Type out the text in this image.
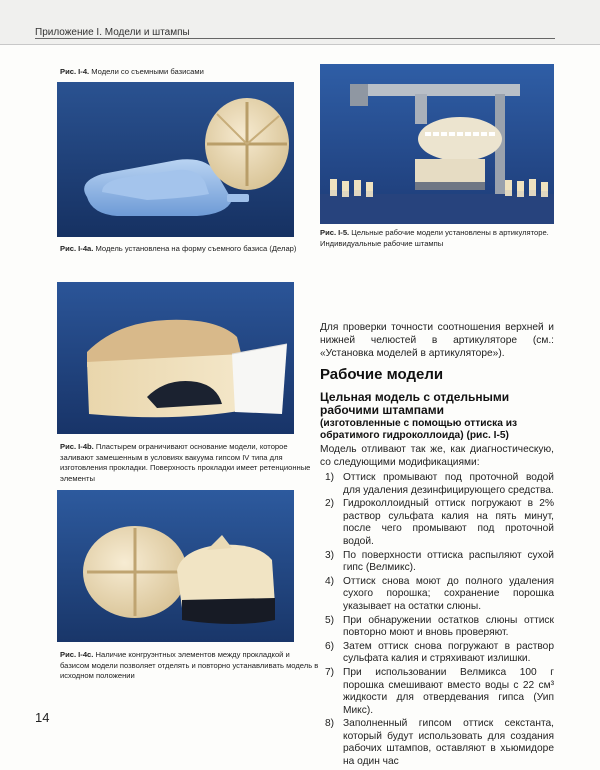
Приложение I. Модели и штампы
Рис. I-4. Модели со съемными базисами
Рис. I-4a. Модель установлена на форму съемного базиса (Делар)
Рис. I-5. Цельные рабочие модели установлены в артикуляторе. Индивидуальные рабочие штампы
Рис. I-4b. Пластырем ограничивают основание модели, которое заливают замешенным в условиях вакуума гипсом IV типа для изготовления прокладки. Поверхность прокладки имеет ретенционные элементы
Рис. I-4c. Наличие конгруэнтных элементов между прокладкой и базисом модели позволяет отделять и повторно устанавливать модель в исходном положении
Для проверки точности соотношения верхней и нижней челюстей в артикуляторе (см.: «Установка моделей в артикуляторе»).
Рабочие модели
Цельная модель с отдельными рабочими штампами
(изготовленные с помощью оттиска из обратимого гидроколлоида) (рис. I-5)
Модель отливают так же, как диагностическую, со следующими модификациями:
1) Оттиск промывают под проточной водой для удаления дезинфицирующего средства.
2) Гидроколлоидный оттиск погружают в 2% раствор сульфата калия на пять минут, после чего промывают под проточной водой.
3) По поверхности оттиска распыляют сухой гипс (Велмикс).
4) Оттиск снова моют до полного удаления сухого порошка; сохранение порошка указывает на остатки слюны.
5) При обнаружении остатков слюны оттиск повторно моют и вновь проверяют.
6) Затем оттиск снова погружают в раствор сульфата калия и стряхивают излишки.
7) При использовании Велмикса 100 г порошка смешивают вместо воды с 22 см³ жидкости для отвердевания гипса (Уип Микс).
8) Заполненный гипсом оттиск секстанта, который будут использовать для создания рабочих штампов, оставляют в хьюмидоре на один час
14
